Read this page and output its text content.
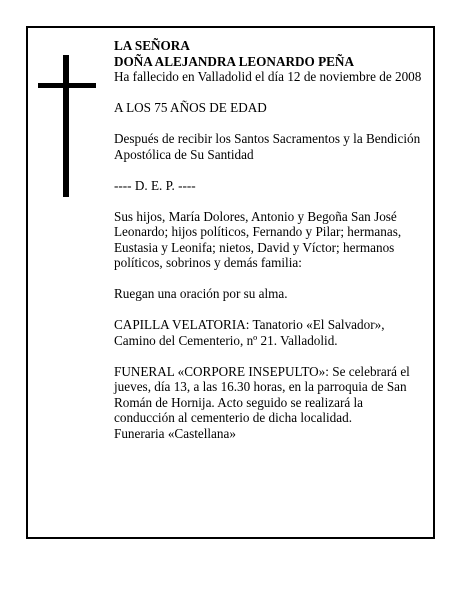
LA SEÑORA

DOÑA ALEJANDRA LEONARDO PEÑA

Ha fallecido en Valladolid el día 12 de noviembre de 2008

A LOS 75 AÑOS DE EDAD

Después de recibir los Santos Sacramentos y la Bendición Apostólica de Su Santidad

---- D. E. P. ----

Sus hijos, María Dolores, Antonio y Begoña San José Leonardo; hijos políticos, Fernando y Pilar; hermanas, Eustasia y Leonifa; nietos, David y Víctor; hermanos políticos, sobrinos y demás familia:

Ruegan una oración por su alma.

CAPILLA VELATORIA: Tanatorio «El Salvador», Camino del Cementerio, nº 21. Valladolid.

FUNERAL «CORPORE INSEPULTO»: Se celebrará el jueves, día 13, a las 16.30 horas, en la parroquia de San Román de Hornija. Acto seguido se realizará la conducción al cementerio de dicha localidad.

Funeraria «Castellana»
